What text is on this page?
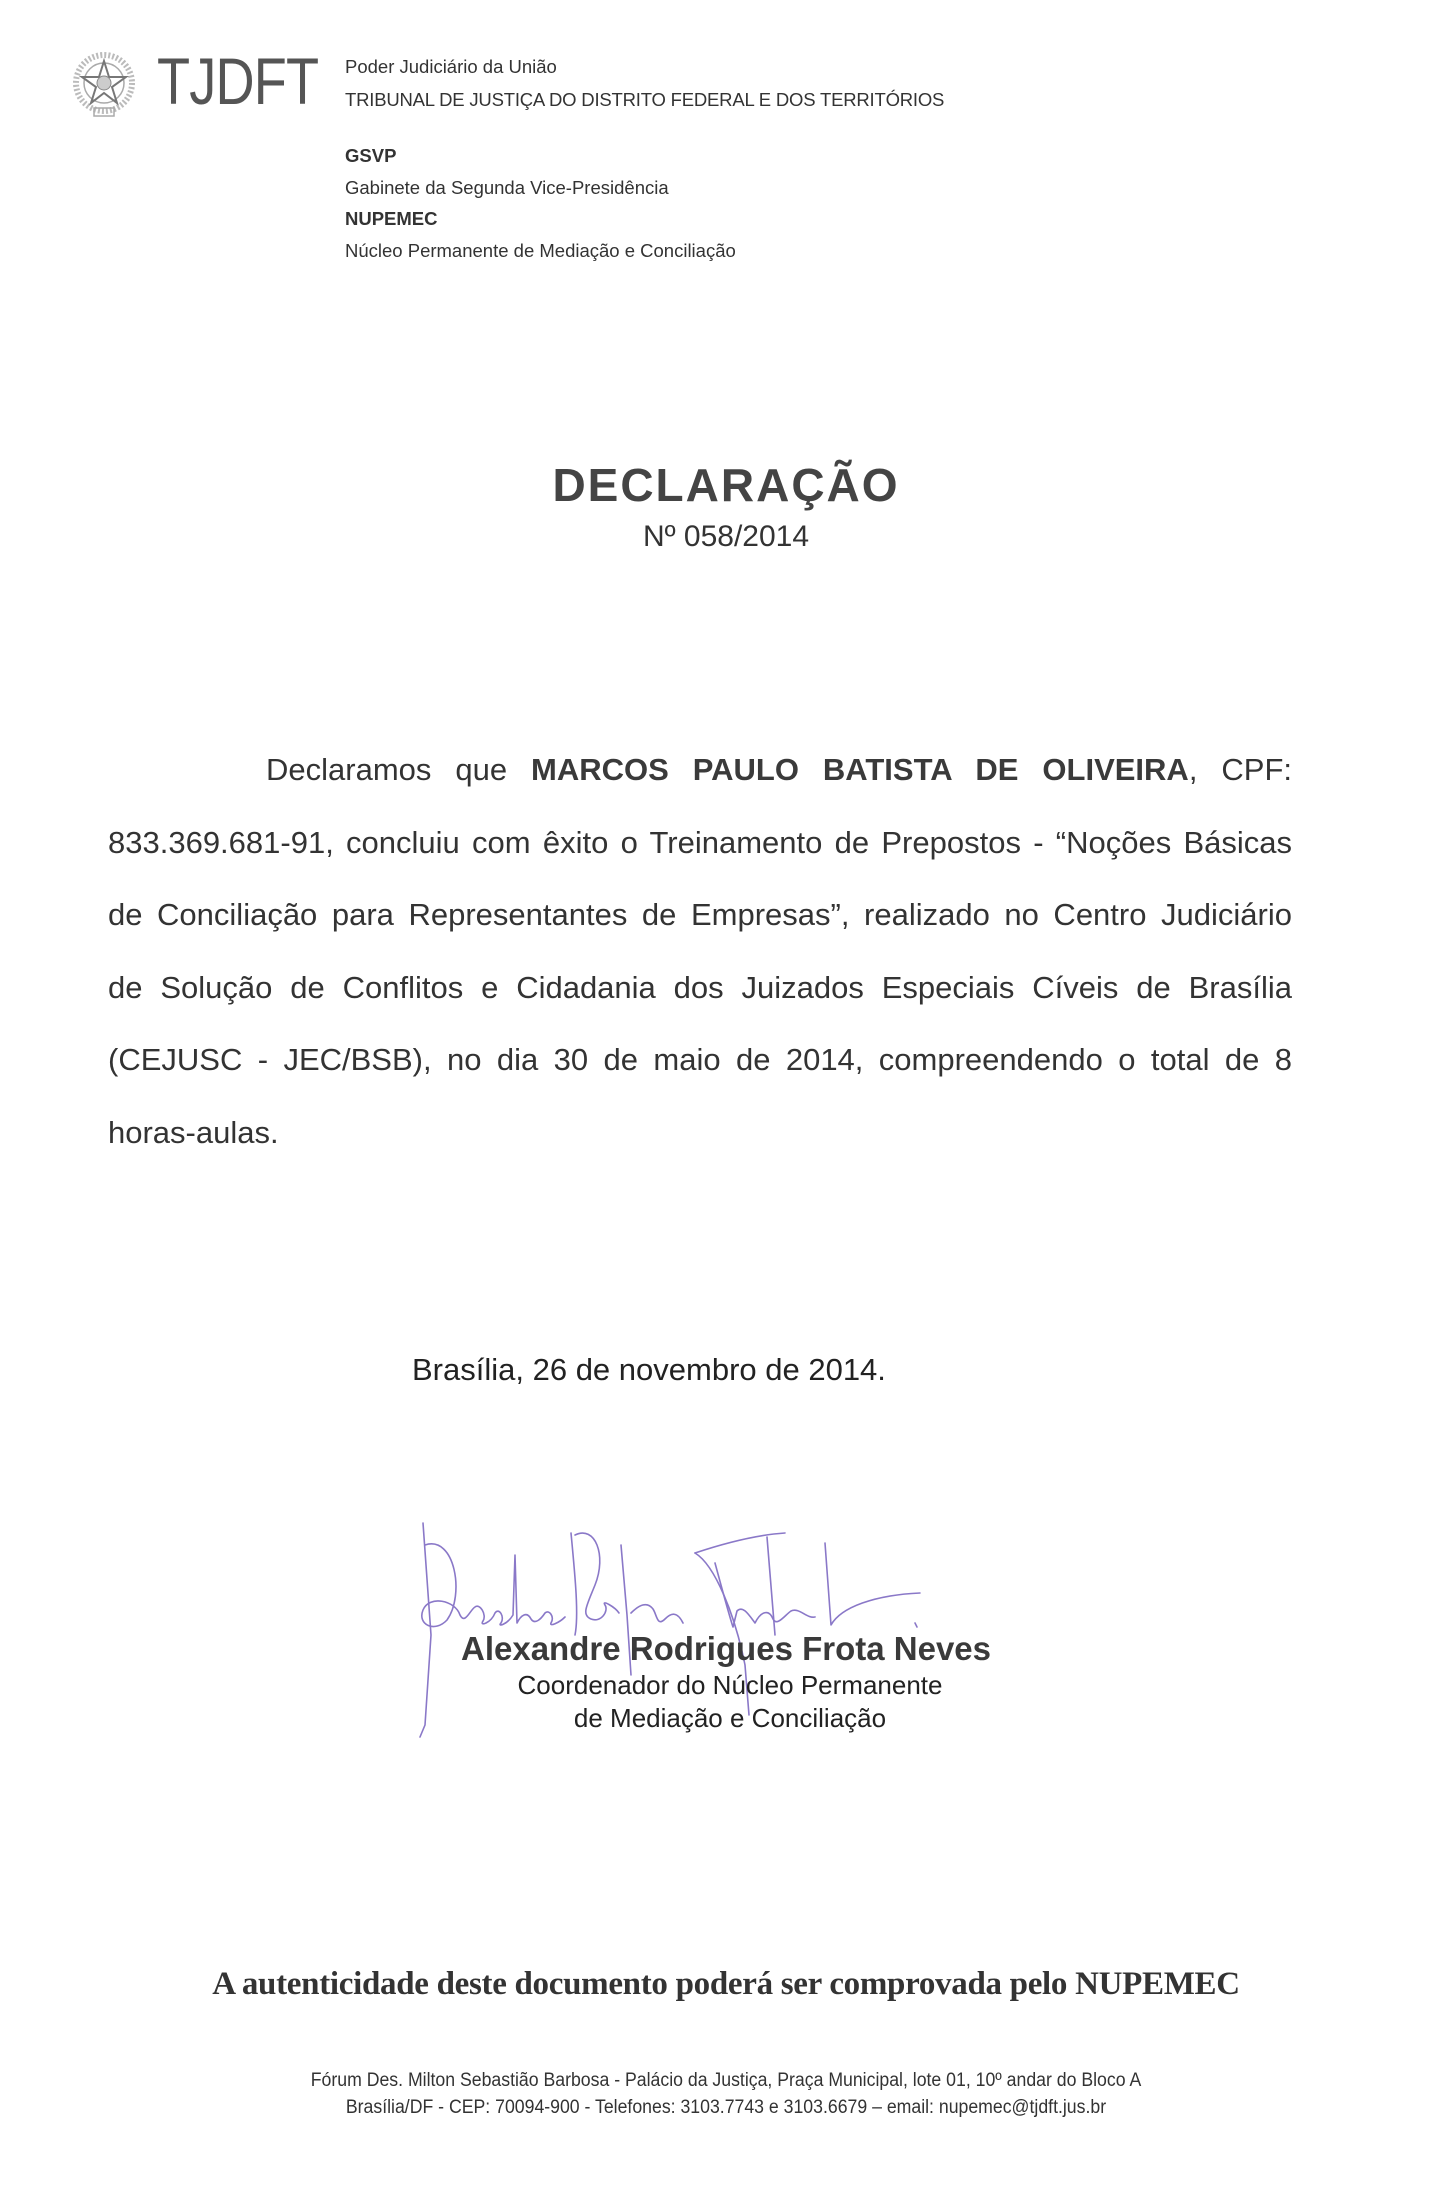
TJDFT Poder Judiciário da União
TRIBUNAL DE JUSTIÇA DO DISTRITO FEDERAL E DOS TERRITÓRIOS
GSVP
Gabinete da Segunda Vice-Presidência
NUPEMEC
Núcleo Permanente de Mediação e Conciliação
DECLARAÇÃO
Nº 058/2014
Declaramos que MARCOS PAULO BATISTA DE OLIVEIRA, CPF: 833.369.681-91, concluiu com êxito o Treinamento de Prepostos - “Noções Básicas de Conciliação para Representantes de Empresas”, realizado no Centro Judiciário de Solução de Conflitos e Cidadania dos Juizados Especiais Cíveis de Brasília (CEJUSC - JEC/BSB), no dia 30 de maio de 2014, compreendendo o total de 8 horas-aulas.
Brasília, 26 de novembro de 2014.
Alexandre Rodrigues Frota Neves
Coordenador do Núcleo Permanente
de Mediação e Conciliação
A autenticidade deste documento poderá ser comprovada pelo NUPEMEC
Fórum Des. Milton Sebastião Barbosa - Palácio da Justiça, Praça Municipal, lote 01, 10º andar do Bloco A
Brasília/DF - CEP: 70094-900 - Telefones: 3103.7743 e 3103.6679 – email: nupemec@tjdft.jus.br
